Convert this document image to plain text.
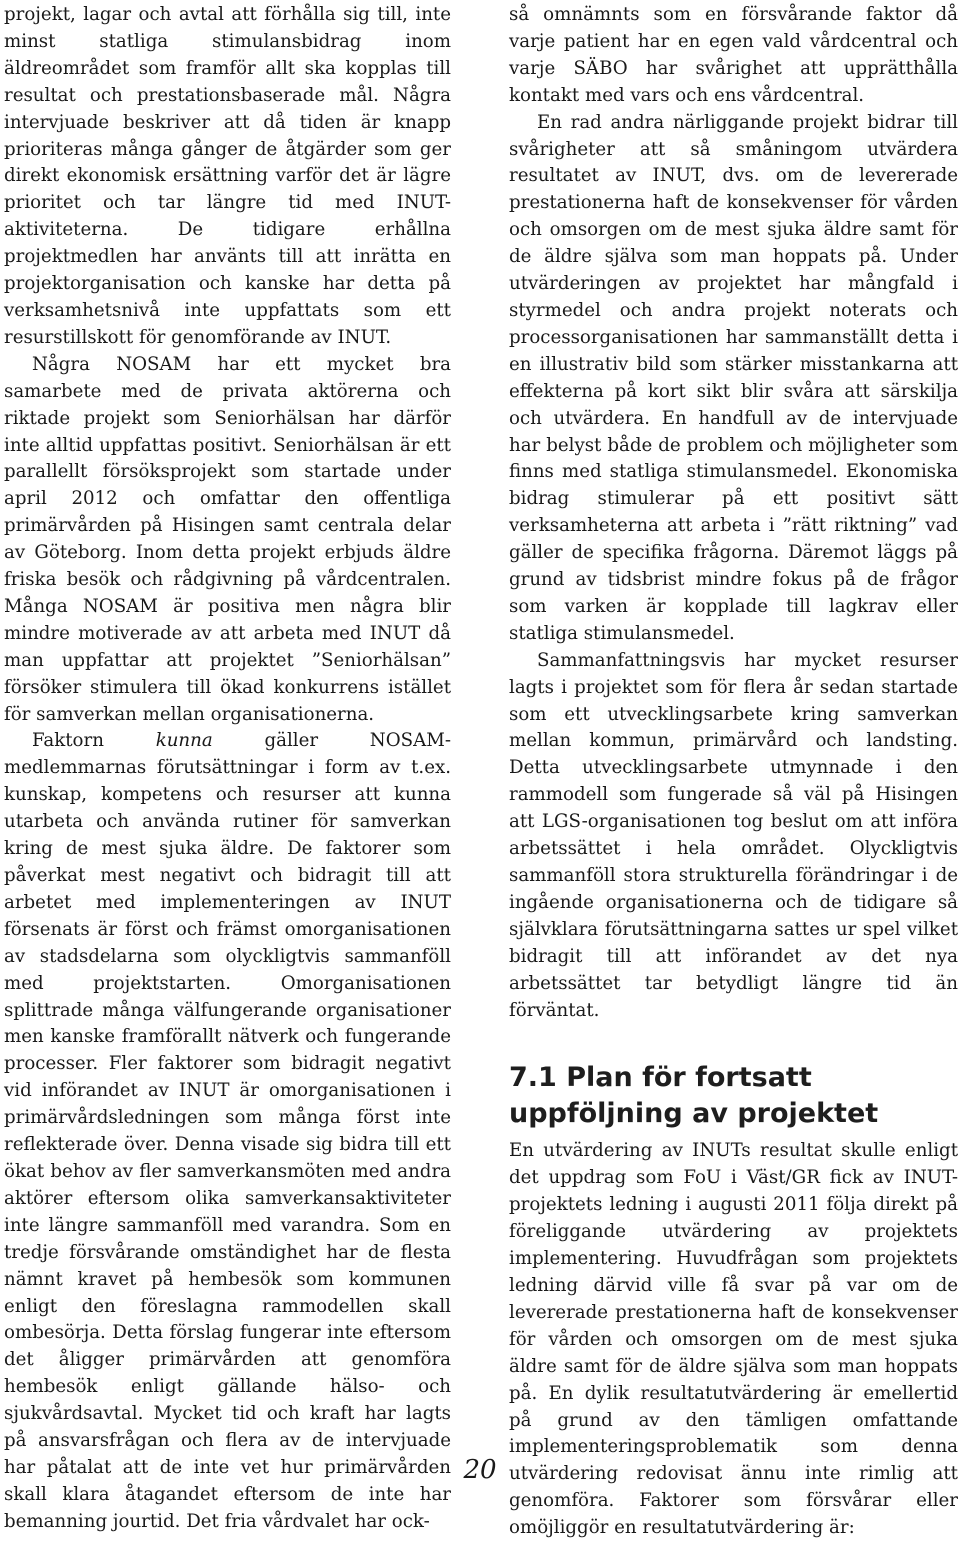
projekt, lagar och avtal att förhålla sig till, inte minst statliga stimulansbidrag inom äldreområdet som framför allt ska kopplas till resultat och prestationsbaserade mål. Några intervjuade beskriver att då tiden är knapp prioriteras många gånger de åtgärder som ger direkt ekonomisk ersättning varför det är lägre prioritet och tar längre tid med INUT-aktiviteterna. De tidigare erhållna projektmedlen har använts till att inrätta en projektorganisation och kanske har detta på verksamhetsnivå inte uppfattats som ett resurstillskott för genomförande av INUT.

Några NOSAM har ett mycket bra samarbete med de privata aktörerna och riktade projekt som Seniorhälsan har därför inte alltid uppfattas positivt. Seniorhälsan är ett parallellt försöksprojekt som startade under april 2012 och omfattar den offentliga primärvården på Hisingen samt centrala delar av Göteborg. Inom detta projekt erbjuds äldre friska besök och rådgivning på vårdcentralen. Många NOSAM är positiva men några blir mindre motiverade av att arbeta med INUT då man uppfattar att projektet ”Seniorhälsan” försöker stimulera till ökad konkurrens istället för samverkan mellan organisationerna.

Faktorn kunna gäller NOSAM-medlemmarnas förutsättningar i form av t.ex. kunskap, kompetens och resurser att kunna utarbeta och använda rutiner för samverkan kring de mest sjuka äldre. De faktorer som påverkat mest negativt och bidragit till att arbetet med implementeringen av INUT försenats är först och främst omorganisationen av stadsdelarna som olyckligtvis sammanföll med projektstarten. Omorganisationen splittrade många välfungerande organisationer men kanske framförallt nätverk och fungerande processer. Fler faktorer som bidragit negativt vid införandet av INUT är omorganisationen i primärvårdsledningen som många först inte reflekterade över. Denna visade sig bidra till ett ökat behov av fler samverkansmöten med andra aktörer eftersom olika samverkansaktiviteter inte längre sammanföll med varandra. Som en tredje försvårande omständighet har de flesta nämnt kravet på hembesök som kommunen enligt den föreslagna rammodellen skall ombesörja. Detta förslag fungerar inte eftersom det åligger primärvården att genomföra hembesök enligt gällande hälso- och sjukvårdsavtal. Mycket tid och kraft har lagts på ansvarsfrågan och flera av de intervjuade har påtalat att de inte vet hur primärvården skall klara åtagandet eftersom de inte har bemanning jourtid. Det fria vårdvalet har ock-

så omnämnts som en försvårande faktor då varje patient har en egen vald vårdcentral och varje SÄBO har svårighet att upprätthålla kontakt med vars och ens vårdcentral.

En rad andra närliggande projekt bidrar till svårigheter att så småningom utvärdera resultatet av INUT, dvs. om de levererade prestationerna haft de konsekvenser för vården och omsorgen om de mest sjuka äldre samt för de äldre själva som man hoppats på. Under utvärderingen av projektet har mångfald i styrmedel och andra projekt noterats och processorganisationen har sammanställt detta i en illustrativ bild som stärker misstankarna att effekterna på kort sikt blir svåra att särskilja och utvärdera. En handfull av de intervjuade har belyst både de problem och möjligheter som finns med statliga stimulansmedel. Ekonomiska bidrag stimulerar på ett positivt sätt verksamheterna att arbeta i ”rätt riktning” vad gäller de specifika frågorna. Däremot läggs på grund av tidsbrist mindre fokus på de frågor som varken är kopplade till lagkrav eller statliga stimulansmedel.

Sammanfattningsvis har mycket resurser lagts i projektet som för flera år sedan startade som ett utvecklingsarbete kring samverkan mellan kommun, primärvård och landsting. Detta utvecklingsarbete utmynnade i den rammodell som fungerade så väl på Hisingen att LGS-organisationen tog beslut om att införa arbetssättet i hela området. Olyckligtvis sammanföll stora strukturella förändringar i de ingående organisationerna och de tidigare så självklara förutsättningarna sattes ur spel vilket bidragit till att införandet av det nya arbetssättet tar betydligt längre tid än förväntat.

7.1 Plan för fortsatt uppföljning av projektet

En utvärdering av INUTs resultat skulle enligt det uppdrag som FoU i Väst/GR fick av INUT-projektets ledning i augusti 2011 följa direkt på föreliggande utvärdering av projektets implementering. Huvudfrågan som projektets ledning därvid ville få svar på var om de levererade prestationerna haft de konsekvenser för vården och omsorgen om de mest sjuka äldre samt för de äldre själva som man hoppats på. En dylik resultatutvärdering är emellertid på grund av den tämligen omfattande implementeringsproblematik som denna utvärdering redovisat ännu inte rimlig att genomföra. Faktorer som försvårar eller omöjliggör en resultatutvärdering är:

20
